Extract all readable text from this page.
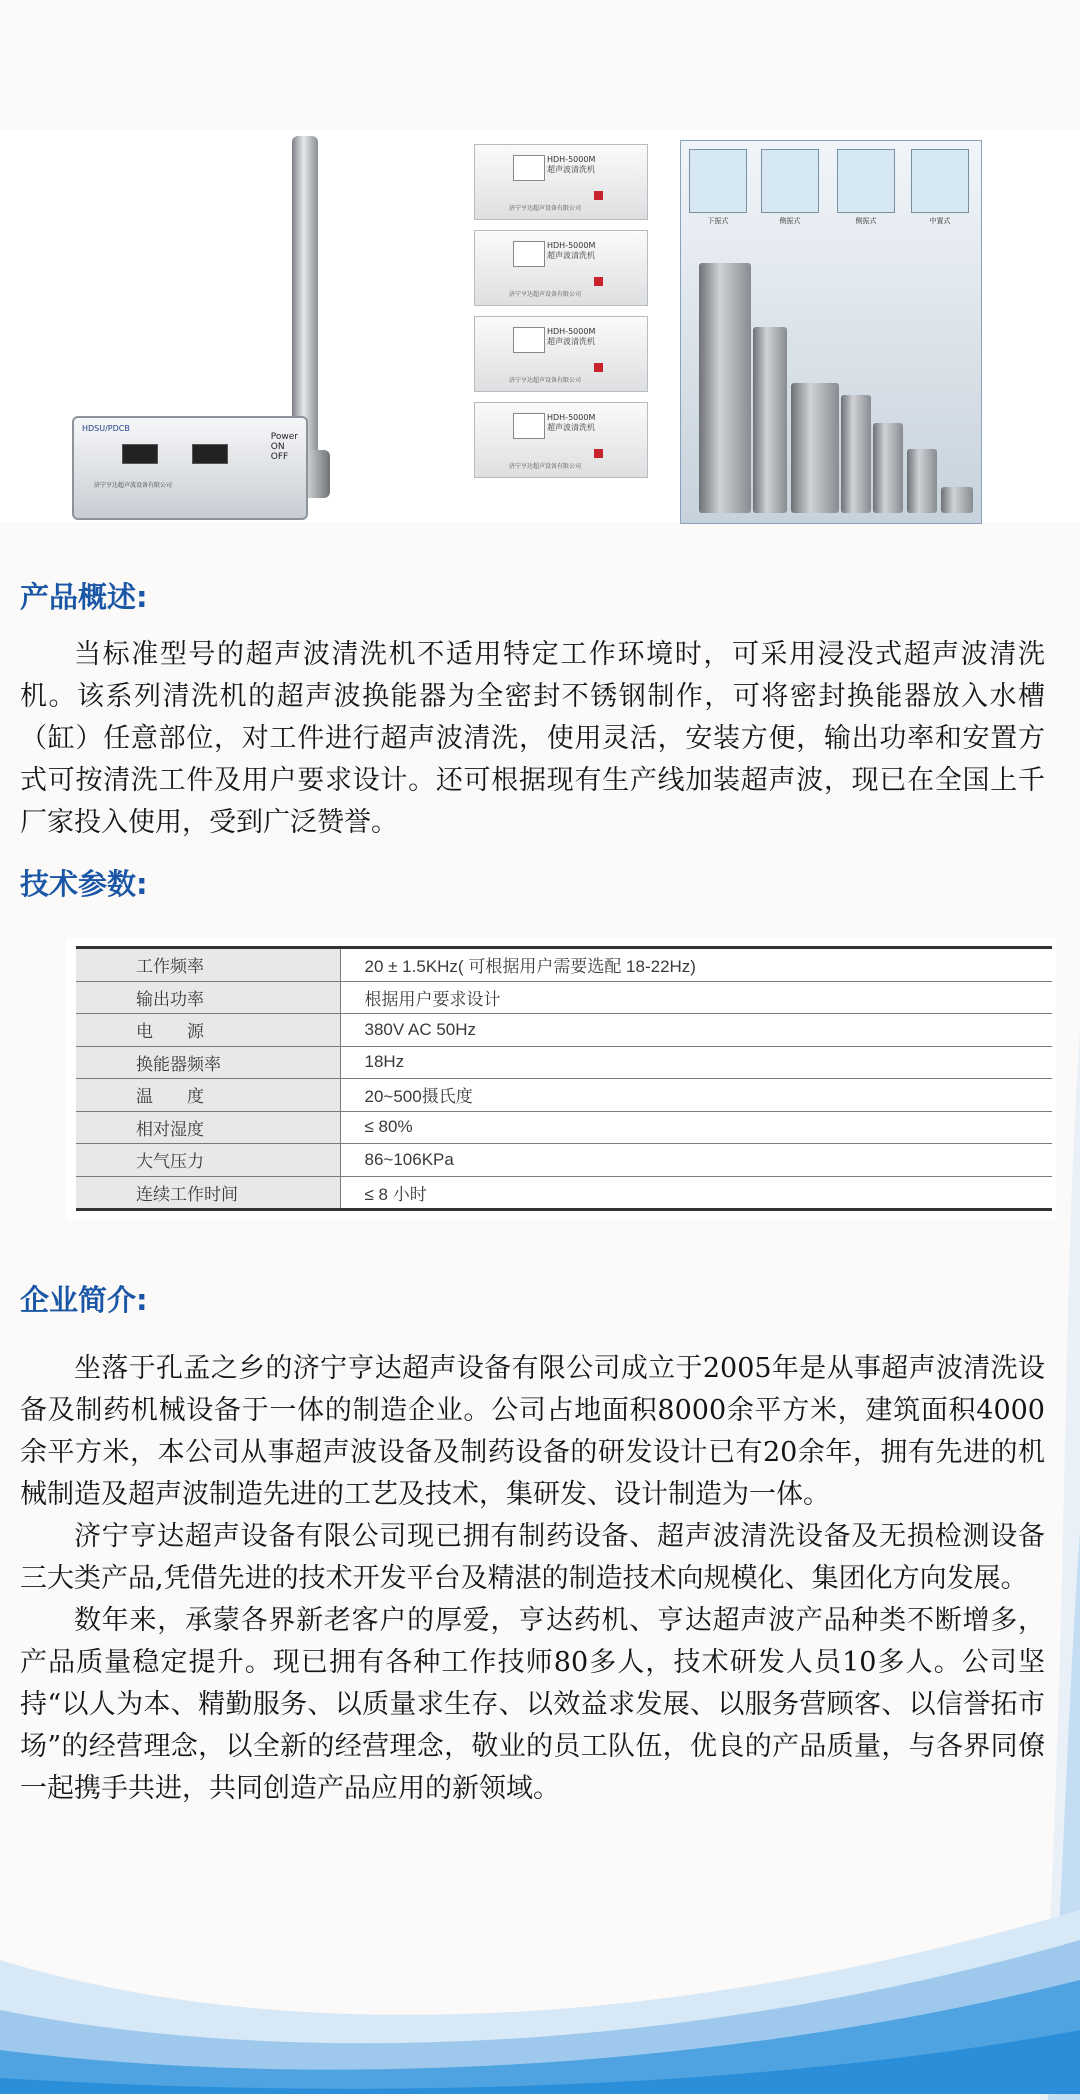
HDSU/PDCB
Power
ON
OFF
济宁亨达超声波设备有限公司
HDH-5000M
超声波清洗机
济宁亨达超声设备有限公司
HDH-5000M
超声波清洗机
济宁亨达超声设备有限公司
HDH-5000M
超声波清洗机
济宁亨达超声设备有限公司
HDH-5000M
超声波清洗机
济宁亨达超声设备有限公司
下振式	侧振式	侧振式	中置式
产品概述:

当标准型号的超声波清洗机不适用特定工作环境时，可采用浸没式超声波清洗机。该系列清洗机的超声波换能器为全密封不锈钢制作，可将密封换能器放入水槽（缸）任意部位，对工件进行超声波清洗，使用灵活，安装方便，输出功率和安置方式可按清洗工件及用户要求设计。还可根据现有生产线加装超声波，现已在全国上千厂家投入使用，受到广泛赞誉。

技术参数:
工作频率	20 ± 1.5KHz( 可根据用户需要选配 18-22Hz)
输出功率	根据用户要求设计
电  源	380V AC 50Hz
换能器频率	18Hz
温  度	20~500摄氏度
相对湿度	≤ 80%
大气压力	86~106KPa
连续工作时间	≤ 8 小时
企业简介:

坐落于孔孟之乡的济宁亨达超声设备有限公司成立于2005年是从事超声波清洗设备及制药机械设备于一体的制造企业。公司占地面积8000余平方米，建筑面积4000余平方米，本公司从事超声波设备及制药设备的研发设计已有20余年，拥有先进的机械制造及超声波制造先进的工艺及技术，集研发、设计制造为一体。

济宁亨达超声设备有限公司现已拥有制药设备、超声波清洗设备及无损检测设备三大类产品,凭借先进的技术开发平台及精湛的制造技术向规模化、集团化方向发展。

数年来，承蒙各界新老客户的厚爱，亨达药机、亨达超声波产品种类不断增多，产品质量稳定提升。现已拥有各种工作技师80多人，技术研发人员10多人。公司坚持“以人为本、精勤服务、以质量求生存、以效益求发展、以服务营顾客、以信誉拓市场”的经营理念，以全新的经营理念，敬业的员工队伍，优良的产品质量，与各界同僚一起携手共进，共同创造产品应用的新领域。
